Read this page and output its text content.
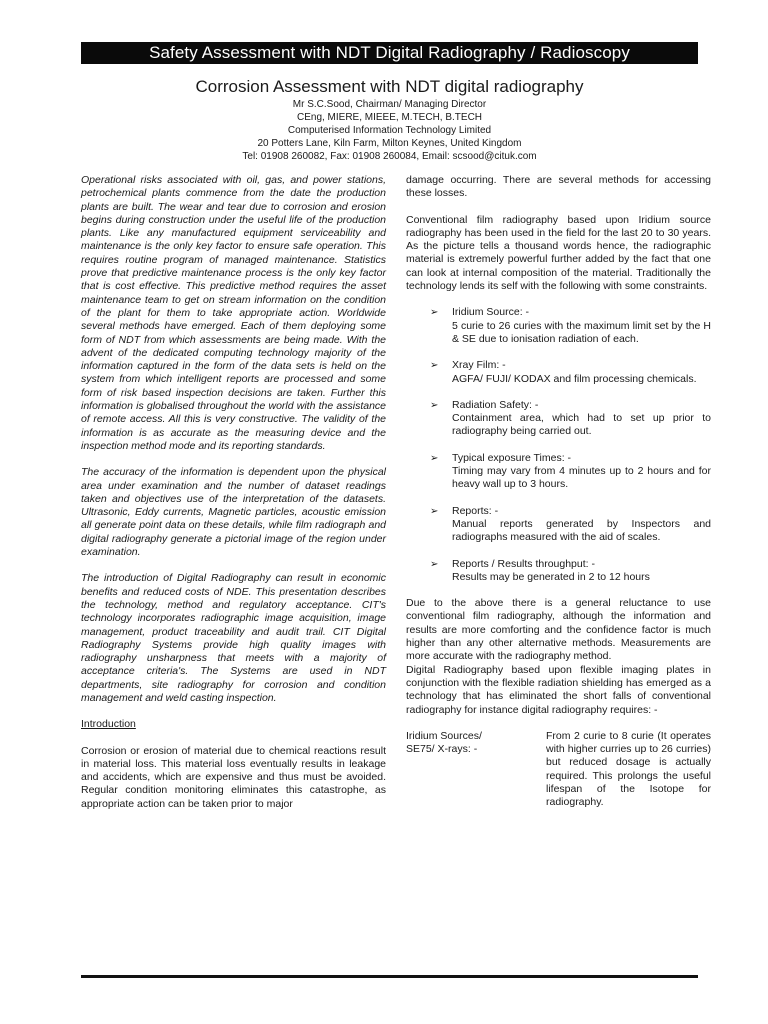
Safety Assessment with NDT Digital Radiography / Radioscopy
Corrosion Assessment with NDT digital radiography
Mr S.C.Sood, Chairman/ Managing Director
CEng, MIERE, MIEEE, M.TECH, B.TECH
Computerised Information Technology Limited
20 Potters Lane, Kiln Farm, Milton Keynes, United Kingdom
Tel: 01908 260082, Fax: 01908 260084, Email: scsood@cituk.com

Operational risks associated with oil, gas, and power stations, petrochemical plants commence from the date the production plants are built. The wear and tear due to corrosion and erosion begins during construction under the useful life of the production plants. Like any manufactured equipment serviceability and maintenance is the only key factor to ensure safe operation. This requires routine program of managed maintenance. Statistics prove that predictive maintenance process is the only key factor that is cost effective. This predictive method requires the asset maintenance team to get on stream information on the condition of the plant for them to take appropriate action. Worldwide several methods have emerged. Each of them deploying some form of NDT from which assessments are being made. With the advent of the dedicated computing technology majority of the information captured in the form of the data sets is held on the system from which intelligent reports are processed and some form of risk based inspection decisions are taken. Further this information is globalised throughout the world with the assistance of remote access. All this is very constructive. The validity of the information is as accurate as the measuring device and the inspection method mode and its reporting standards.

The accuracy of the information is dependent upon the physical area under examination and the number of dataset readings taken and objectives use of the interpretation of the datasets. Ultrasonic, Eddy currents, Magnetic particles, acoustic emission all generate point data on these details, while film radiograph and digital radiography generate a pictorial image of the region under examination.

The introduction of Digital Radiography can result in economic benefits and reduced costs of NDE. This presentation describes the technology, method and regulatory acceptance. CIT's technology incorporates radiographic image acquisition, image management, product traceability and audit trail. CIT Digital Radiography Systems provide high quality images with radiography unsharpness that meets with a majority of acceptance criteria's. The Systems are used in NDT departments, site radiography for corrosion and condition management and weld casting inspection.

Introduction

Corrosion or erosion of material due to chemical reactions result in material loss. This material loss eventually results in leakage and accidents, which are expensive and thus must be avoided. Regular condition monitoring eliminates this catastrophe, as appropriate action can be taken prior to major

damage occurring. There are several methods for accessing these losses.

Conventional film radiography based upon Iridium source radiography has been used in the field for the last 20 to 30 years. As the picture tells a thousand words hence, the radiographic material is extremely powerful further added by the fact that one can look at internal composition of the material. Traditionally the technology lends its self with the following with some constraints.

➢ Iridium Source: -
5 curie to 26 curies with the maximum limit set by the H & SE due to ionisation radiation of each.
➢ Xray Film: -
AGFA/ FUJI/ KODAX and film processing chemicals.
➢ Radiation Safety: -
Containment area, which had to set up prior to radiography being carried out.
➢ Typical exposure Times: -
Timing may vary from 4 minutes up to 2 hours and for heavy wall up to 3 hours.
➢ Reports: -
Manual reports generated by Inspectors and radiographs measured with the aid of scales.
➢ Reports / Results throughput: -
Results may be generated in 2 to 12 hours

Due to the above there is a general reluctance to use conventional film radiography, although the information and results are more comforting and the confidence factor is much higher than any other alternative methods. Measurements are more accurate with the radiography method.

Digital Radiography based upon flexible imaging plates in conjunction with the flexible radiation shielding has emerged as a technology that has eliminated the short falls of conventional radiography for instance digital radiography requires: -

Iridium Sources/
SE75/ X-rays: -
From 2 curie to 8 curie (It operates with higher curries up to 26 curries) but reduced dosage is actually required. This prolongs the useful lifespan of the Isotope for radiography.
